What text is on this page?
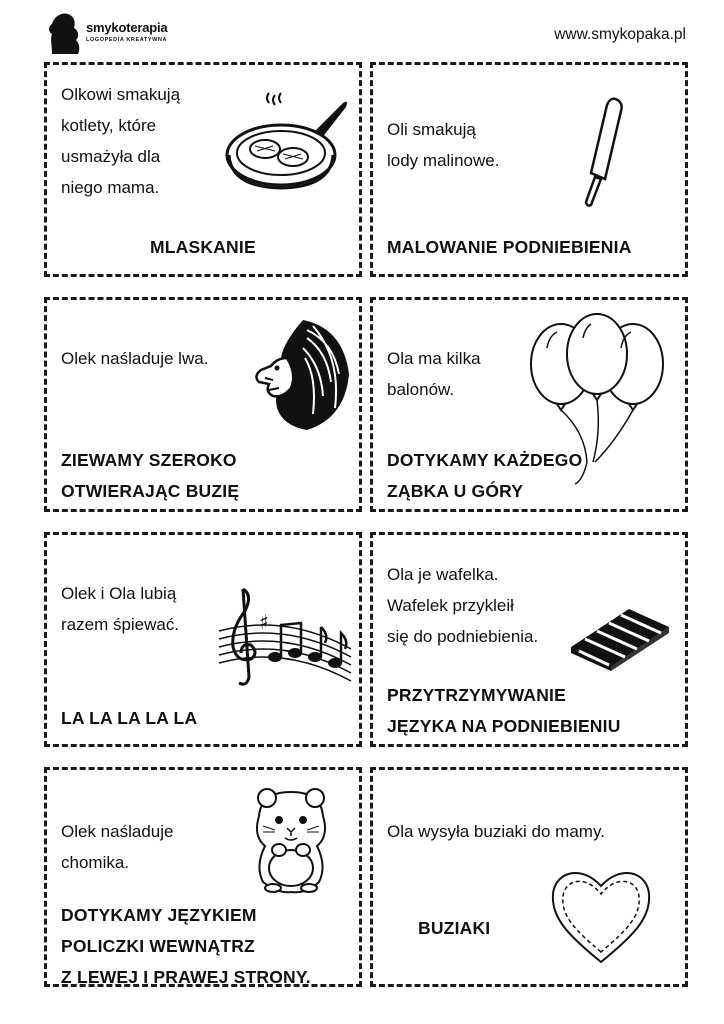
smykoterapia
LOGOPEDIA KREATYWNA	www.smykopaka.pl
Olkowi smakują
kotlety, które
usmażyła dla
niego mama.
MLASKANIE
Oli smakują
lody malinowe.
MALOWANIE PODNIEBIENIA
Olek naśladuje lwa.
ZIEWAMY SZEROKO
OTWIERAJĄC BUZIĘ
Ola ma kilka
balonów.
DOTYKAMY KAŻDEGO
ZĄBKA U GÓRY
Olek i Ola lubią
razem śpiewać.
LA LA LA LA LA
♯
Ola je wafelka.
Wafelek przykleił
się do podniebienia.
PRZYTRZYMYWANIE
JĘZYKA NA PODNIEBIENIU
Olek naśladuje
chomika.
DOTYKAMY JĘZYKIEM
POLICZKI WEWNĄTRZ
Z LEWEJ I PRAWEJ STRONY.
Ola wysyła buziaki do mamy.
BUZIAKI
